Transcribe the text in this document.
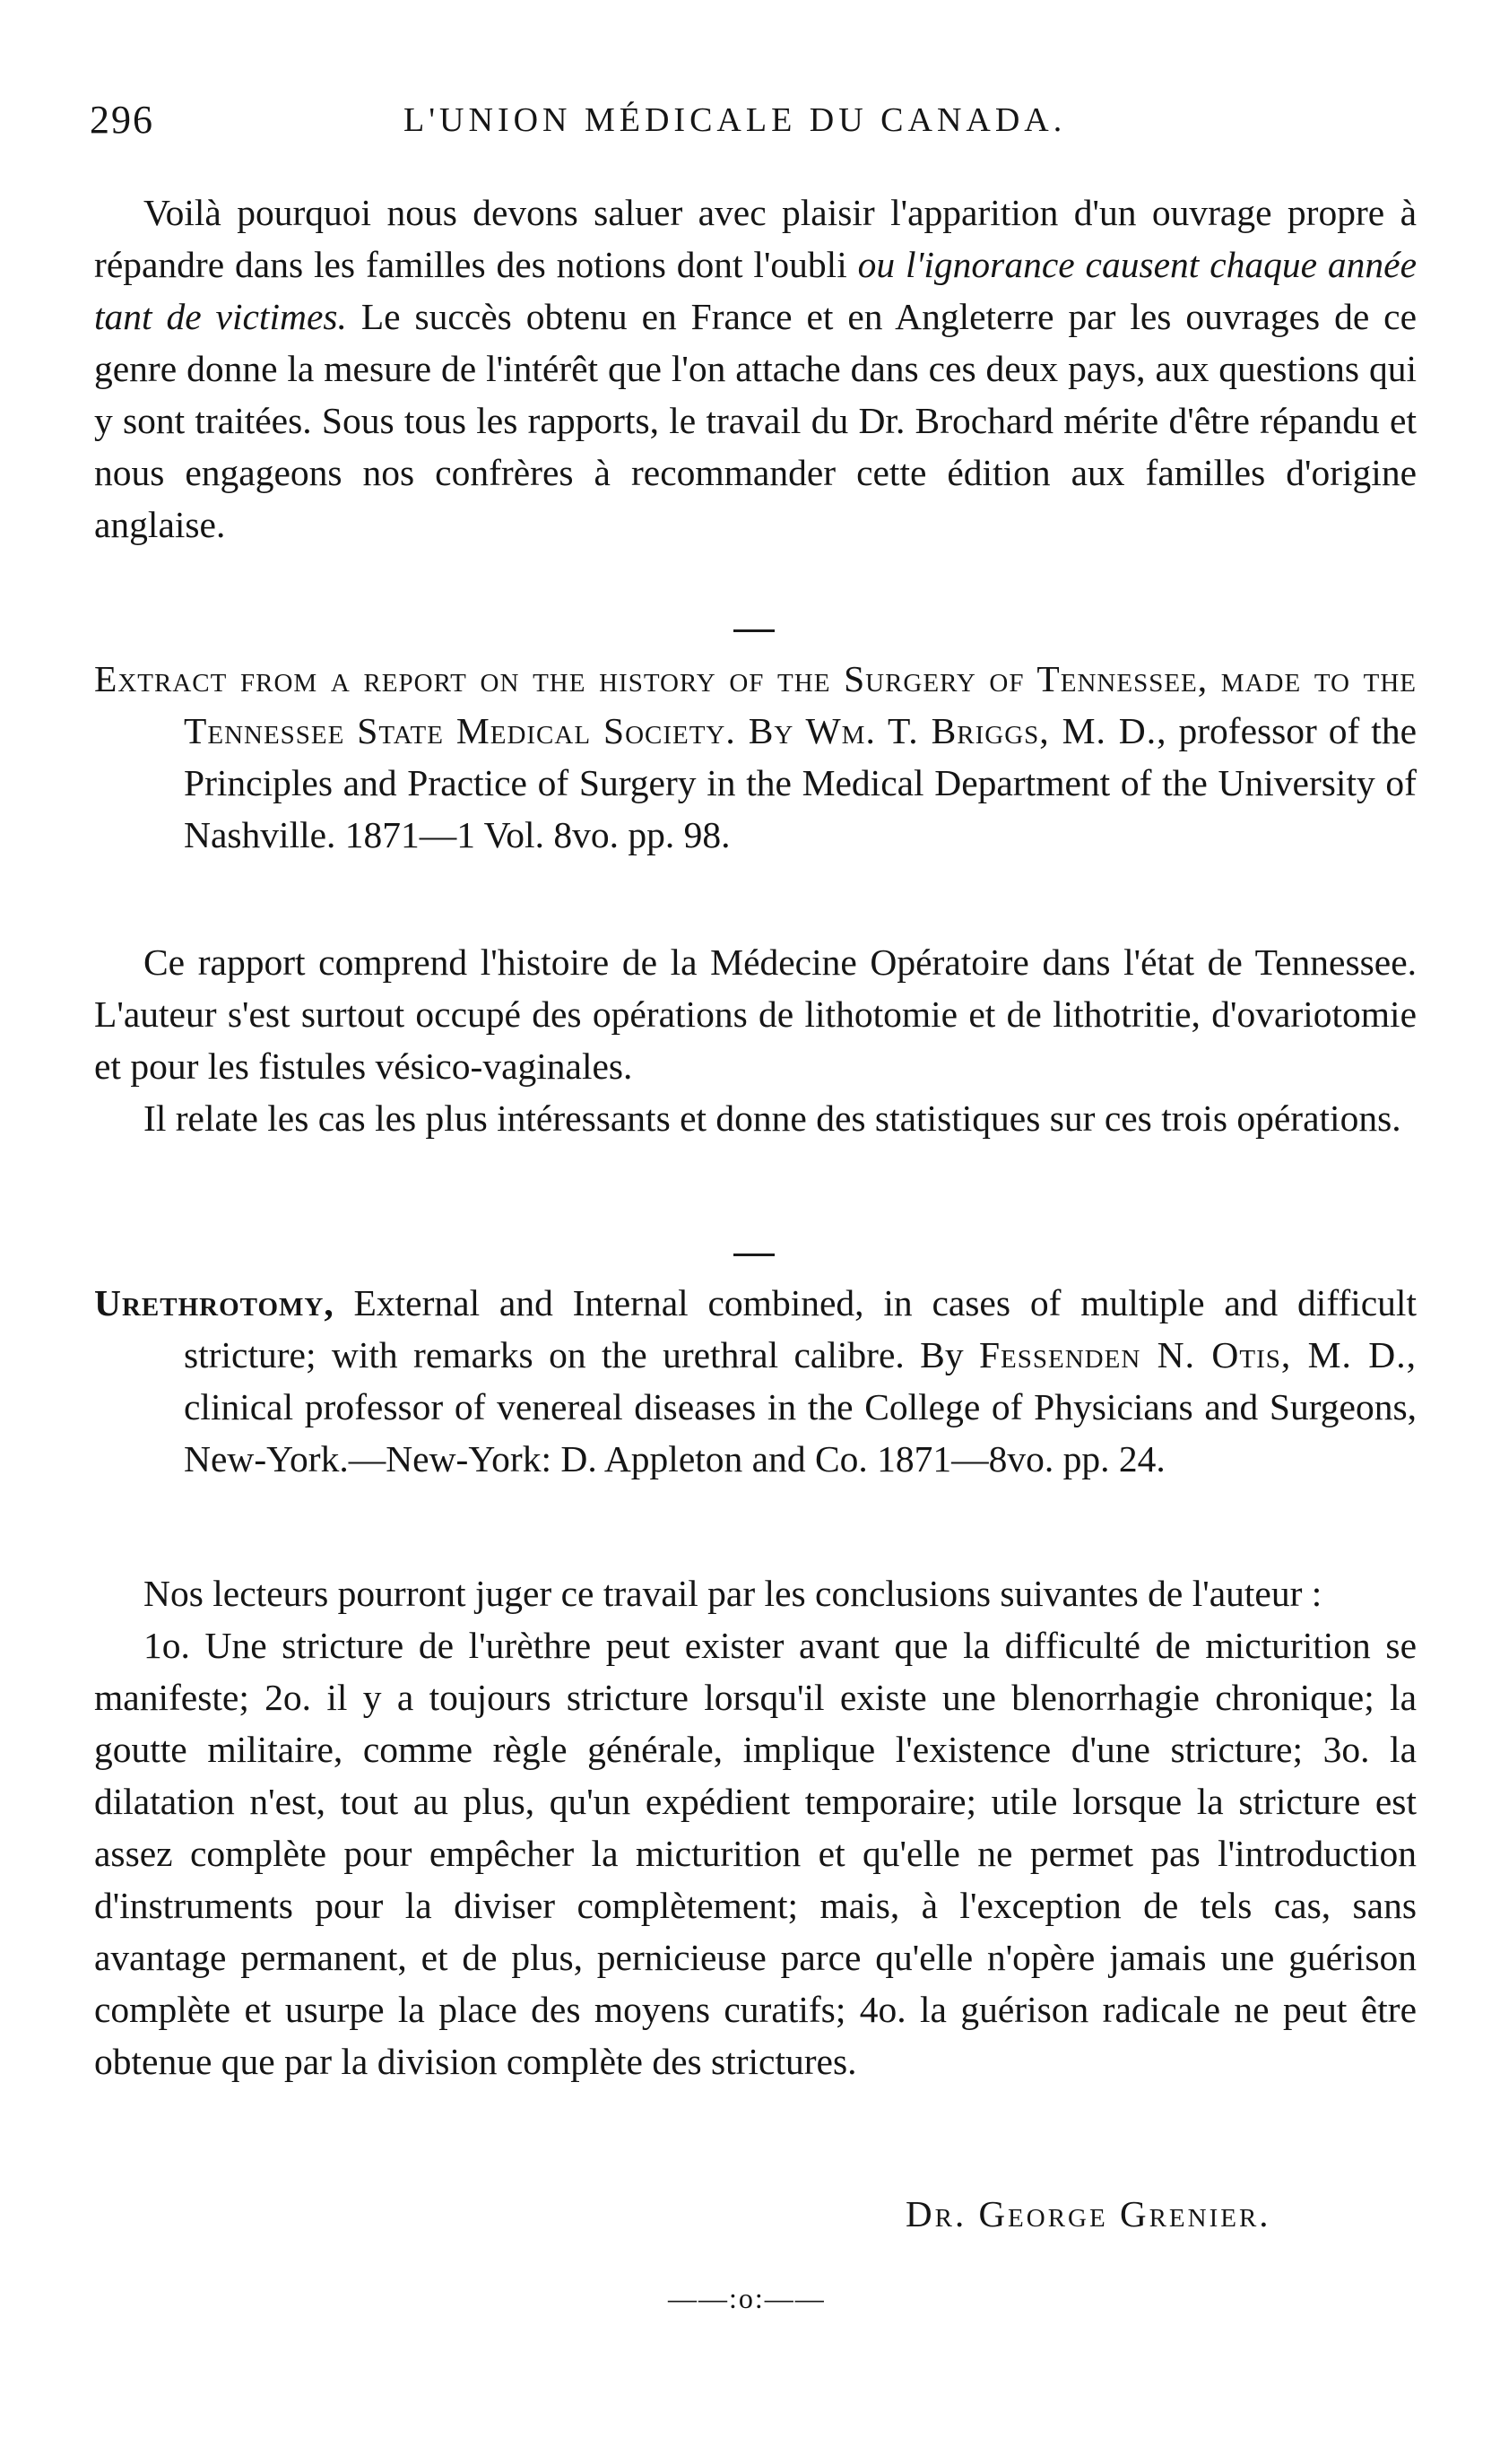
296	L'UNION MÉDICALE DU CANADA.

Voilà pourquoi nous devons saluer avec plaisir l'apparition d'un ouvrage propre à répandre dans les familles des notions dont l'oubli ou l'ignorance causent chaque année tant de victimes. Le succès obtenu en France et en Angleterre par les ouvrages de ce genre donne la mesure de l'intérêt que l'on attache dans ces deux pays, aux questions qui y sont traitées. Sous tous les rapports, le travail du Dr. Brochard mérite d'être répandu et nous engageons nos confrères à recommander cette édition aux familles d'origine anglaise.

Extract from a report on the history of the Surgery of Tennessee, made to the Tennessee State Medical Society. By Wm. T. Briggs, M. D., professor of the Principles and Practice of Surgery in the Medical Department of the University of Nashville. 1871—1 Vol. 8vo. pp. 98.

Ce rapport comprend l'histoire de la Médecine Opératoire dans l'état de Tennessee. L'auteur s'est surtout occupé des opérations de lithotomie et de lithotritie, d'ovariotomie et pour les fistules vésico-vaginales.

Il relate les cas les plus intéressants et donne des statistiques sur ces trois opérations.

Urethrotomy, External and Internal combined, in cases of multiple and difficult stricture; with remarks on the urethral calibre. By Fessenden N. Otis, M. D., clinical professor of venereal diseases in the College of Physicians and Surgeons, New-York.—New-York: D. Appleton and Co. 1871—8vo. pp. 24.

Nos lecteurs pourront juger ce travail par les conclusions suivantes de l'auteur :

1o. Une stricture de l'urèthre peut exister avant que la difficulté de micturition se manifeste; 2o. il y a toujours stricture lorsqu'il existe une blenorrhagie chronique; la goutte militaire, comme règle générale, implique l'existence d'une stricture; 3o. la dilatation n'est, tout au plus, qu'un expédient temporaire; utile lorsque la stricture est assez complète pour empêcher la micturition et qu'elle ne permet pas l'introduction d'instruments pour la diviser complètement; mais, à l'exception de tels cas, sans avantage permanent, et de plus, pernicieuse parce qu'elle n'opère jamais une guérison complète et usurpe la place des moyens curatifs; 4o. la guérison radicale ne peut être obtenue que par la division complète des strictures.

Dr. George Grenier.
——:o:——
